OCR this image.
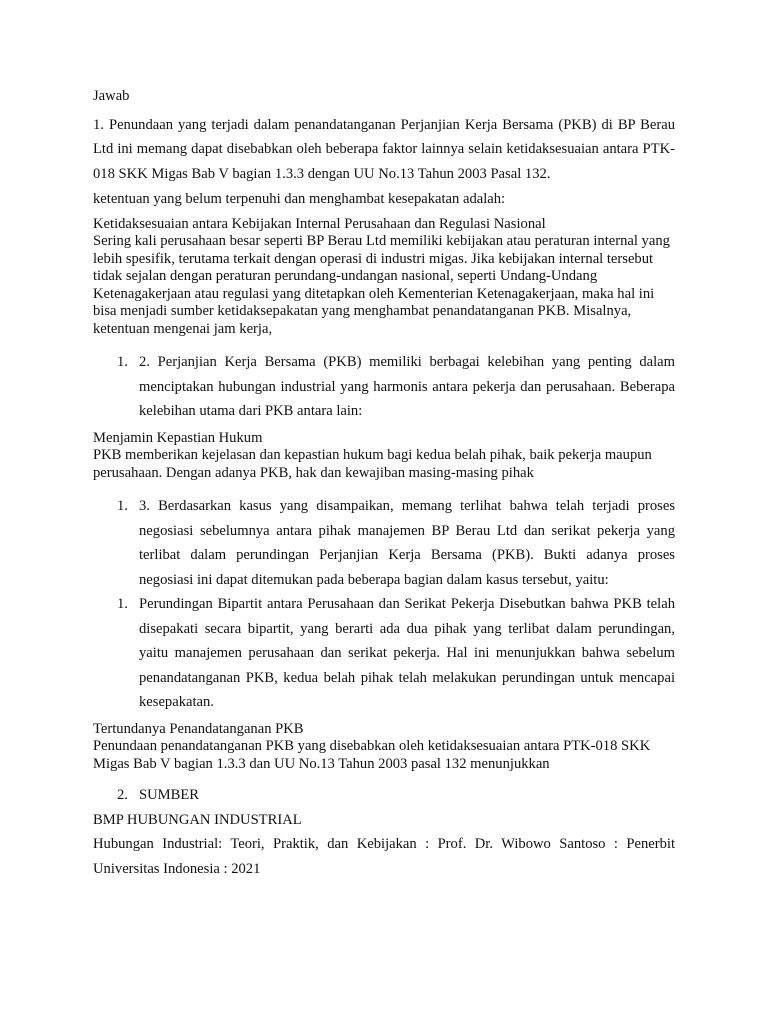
Jawab

1. Penundaan yang terjadi dalam penandatanganan Perjanjian Kerja Bersama (PKB) di BP Berau Ltd ini memang dapat disebabkan oleh beberapa faktor lainnya selain ketidaksesuaian antara PTK-018 SKK Migas Bab V bagian 1.3.3 dengan UU No.13 Tahun 2003 Pasal 132.

ketentuan yang belum terpenuhi dan menghambat kesepakatan adalah:

Ketidaksesuaian antara Kebijakan Internal Perusahaan dan Regulasi Nasional

Sering kali perusahaan besar seperti BP Berau Ltd memiliki kebijakan atau peraturan internal yang lebih spesifik, terutama terkait dengan operasi di industri migas. Jika kebijakan internal tersebut tidak sejalan dengan peraturan perundang-undangan nasional, seperti Undang-Undang Ketenagakerjaan atau regulasi yang ditetapkan oleh Kementerian Ketenagakerjaan, maka hal ini bisa menjadi sumber ketidaksepakatan yang menghambat penandatanganan PKB. Misalnya, ketentuan mengenai jam kerja,

1. 2. Perjanjian Kerja Bersama (PKB) memiliki berbagai kelebihan yang penting dalam menciptakan hubungan industrial yang harmonis antara pekerja dan perusahaan. Beberapa kelebihan utama dari PKB antara lain:

Menjamin Kepastian Hukum

PKB memberikan kejelasan dan kepastian hukum bagi kedua belah pihak, baik pekerja maupun perusahaan. Dengan adanya PKB, hak dan kewajiban masing-masing pihak

1. 3. Berdasarkan kasus yang disampaikan, memang terlihat bahwa telah terjadi proses negosiasi sebelumnya antara pihak manajemen BP Berau Ltd dan serikat pekerja yang terlibat dalam perundingan Perjanjian Kerja Bersama (PKB). Bukti adanya proses negosiasi ini dapat ditemukan pada beberapa bagian dalam kasus tersebut, yaitu:
1. Perundingan Bipartit antara Perusahaan dan Serikat Pekerja Disebutkan bahwa PKB telah disepakati secara bipartit, yang berarti ada dua pihak yang terlibat dalam perundingan, yaitu manajemen perusahaan dan serikat pekerja. Hal ini menunjukkan bahwa sebelum penandatanganan PKB, kedua belah pihak telah melakukan perundingan untuk mencapai kesepakatan.

Tertundanya Penandatanganan PKB

Penundaan penandatanganan PKB yang disebabkan oleh ketidaksesuaian antara PTK-018 SKK Migas Bab V bagian 1.3.3 dan UU No.13 Tahun 2003 pasal 132 menunjukkan

2. SUMBER

BMP HUBUNGAN INDUSTRIAL

Hubungan Industrial: Teori, Praktik, dan Kebijakan : Prof. Dr. Wibowo Santoso : Penerbit Universitas Indonesia : 2021
